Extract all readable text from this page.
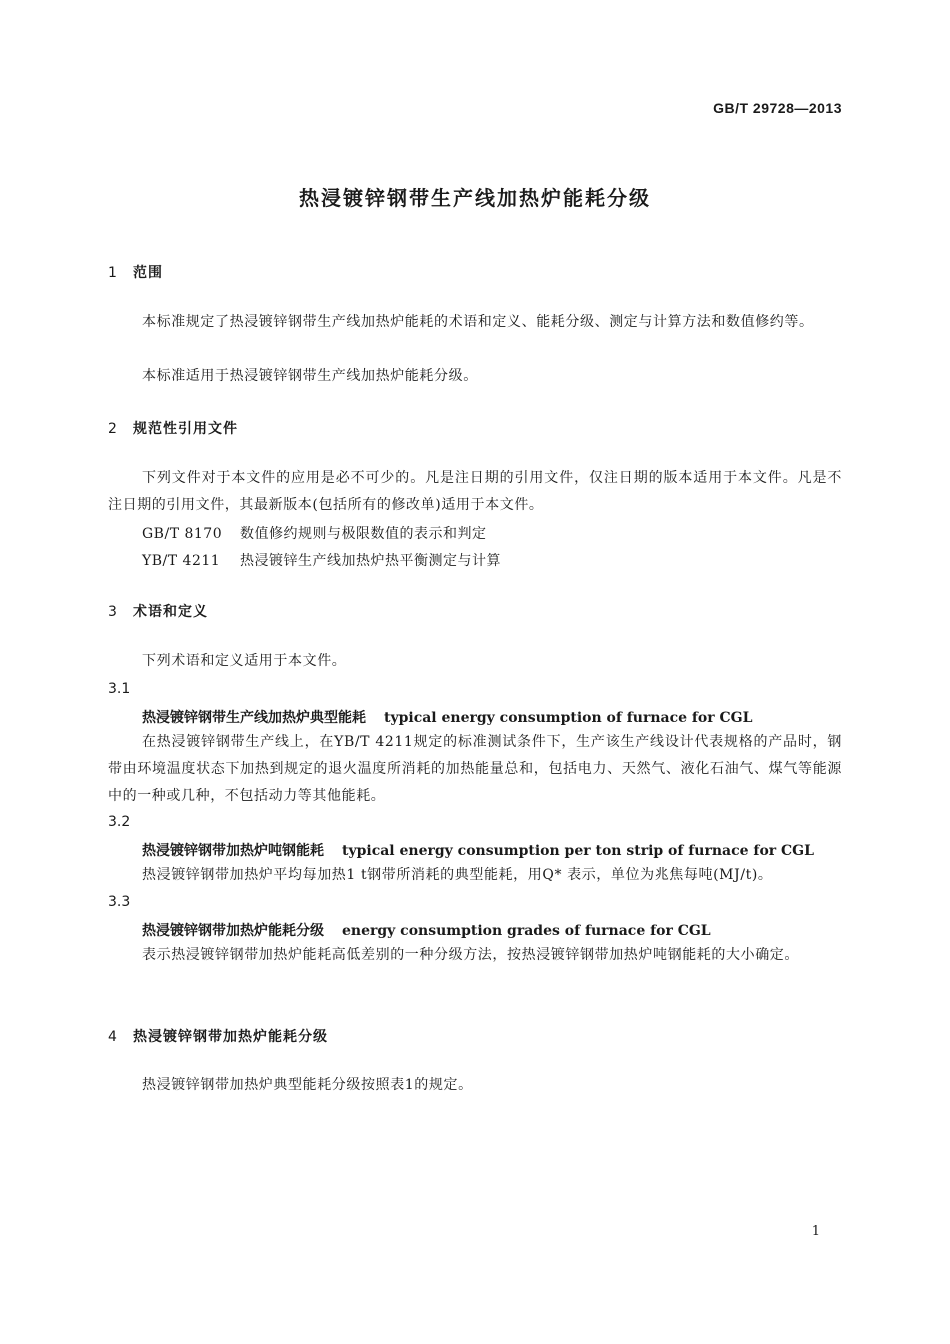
GB/T 29728—2013
热浸镀锌钢带生产线加热炉能耗分级
1 范围
本标准规定了热浸镀锌钢带生产线加热炉能耗的术语和定义、能耗分级、测定与计算方法和数值修约等。
本标准适用于热浸镀锌钢带生产线加热炉能耗分级。
2 规范性引用文件
下列文件对于本文件的应用是必不可少的。凡是注日期的引用文件，仅注日期的版本适用于本文件。凡是不注日期的引用文件，其最新版本(包括所有的修改单)适用于本文件。
GB/T 8170 数值修约规则与极限数值的表示和判定
YB/T 4211 热浸镀锌生产线加热炉热平衡测定与计算
3 术语和定义
下列术语和定义适用于本文件。
3.1
热浸镀锌钢带生产线加热炉典型能耗 typical energy consumption of furnace for CGL
在热浸镀锌钢带生产线上，在YB/T 4211规定的标准测试条件下，生产该生产线设计代表规格的产品时，钢带由环境温度状态下加热到规定的退火温度所消耗的加热能量总和，包括电力、天然气、液化石油气、煤气等能源中的一种或几种，不包括动力等其他能耗。
3.2
热浸镀锌钢带加热炉吨钢能耗 typical energy consumption per ton strip of furnace for CGL
热浸镀锌钢带加热炉平均每加热1 t钢带所消耗的典型能耗，用Q* 表示，单位为兆焦每吨(MJ/t)。
3.3
热浸镀锌钢带加热炉能耗分级 energy consumption grades of furnace for CGL
表示热浸镀锌钢带加热炉能耗高低差别的一种分级方法，按热浸镀锌钢带加热炉吨钢能耗的大小确定。
4 热浸镀锌钢带加热炉能耗分级
热浸镀锌钢带加热炉典型能耗分级按照表1的规定。
1
